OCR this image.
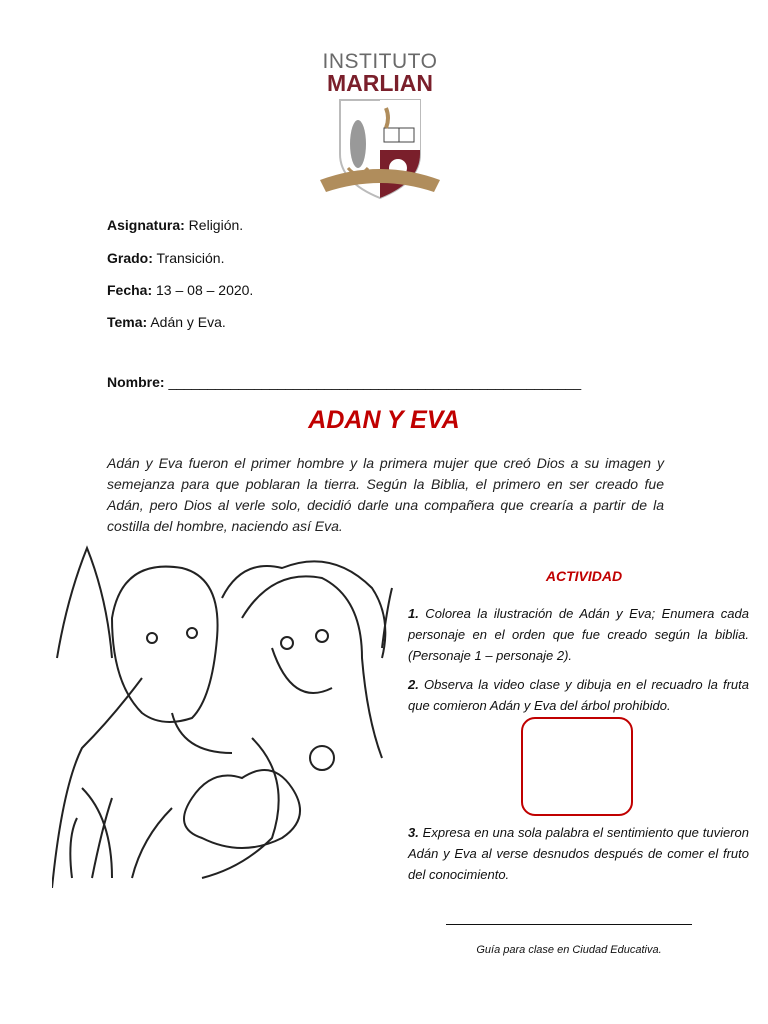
INSTITUTO
MARLIAN
Asignatura: Religión.
Grado: Transición.
Fecha: 13 – 08 – 2020.
Tema: Adán y Eva.
Nombre: _____________________________________________________
ADAN Y EVA
Adán y Eva fueron el primer hombre y la primera mujer que creó Dios a su imagen y semejanza para que poblaran la tierra. Según la Biblia, el primero en ser creado fue Adán, pero Dios al verle solo, decidió darle una compañera que crearía a partir de la costilla del hombre, naciendo así Eva.
ACTIVIDAD
1. Colorea la ilustración de Adán y Eva; Enumera cada personaje en el orden que fue creado según la biblia. (Personaje 1 – personaje 2).
2. Observa la video clase y dibuja en el recuadro la fruta que comieron Adán y Eva del árbol prohibido.
3. Expresa en una sola palabra el sentimiento que tuvieron Adán y Eva al verse desnudos después de comer el fruto del conocimiento.
Guía para clase en Ciudad Educativa.
